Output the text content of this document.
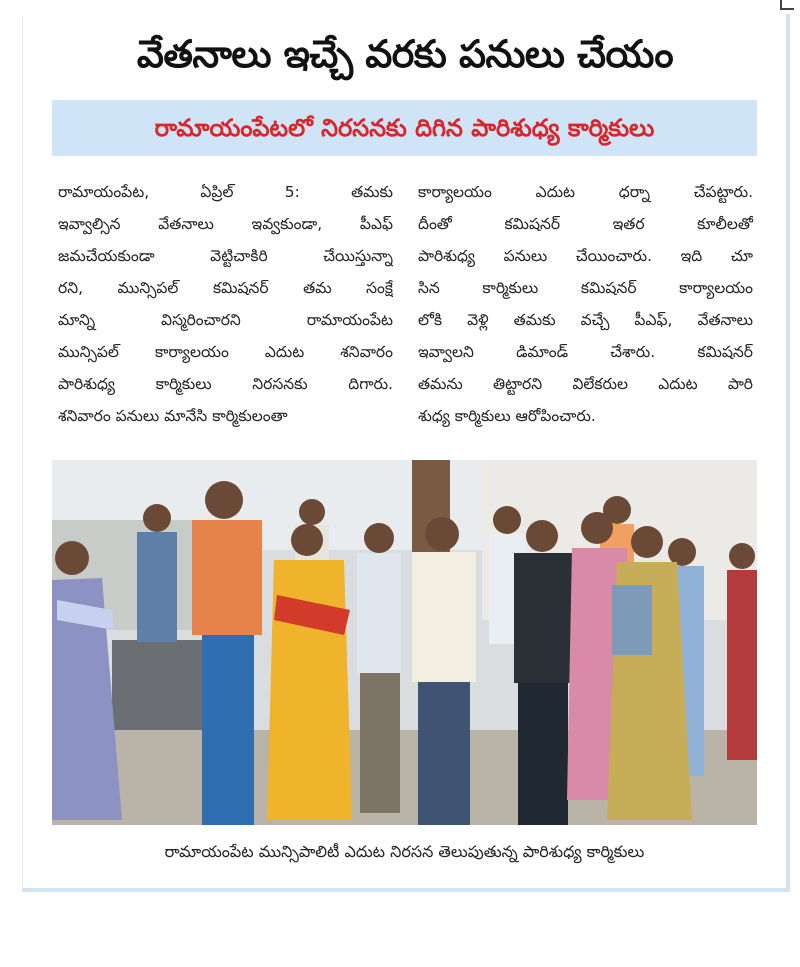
వేతనాలు ఇచ్చే వరకు పనులు చేయం
రామాయంపేటలో నిరసనకు దిగిన పారిశుధ్య కార్మికులు
రామాయంపేట, ఏప్రిల్ 5: తమకు
ఇవ్వాల్సిన వేతనాలు ఇవ్వకుండా, పీఎఫ్
జమచేయకుండా వెట్టిచాకిరి చేయిస్తున్నా
రని, మున్సిపల్ కమిషనర్ తమ సంక్షే
మాన్ని విస్మరించారని రామాయంపేట
మున్సిపల్ కార్యాలయం ఎదుట శనివారం
పారిశుధ్య కార్మికులు నిరసనకు దిగారు.
శనివారం పనులు మానేసి కార్మికులంతా
కార్యాలయం ఎదుట ధర్నా చేపట్టారు.
దీంతో కమిషనర్ ఇతర కూలీలతో
పారిశుధ్య పనులు చేయించారు. ఇది చూ
సిన కార్మికులు కమిషనర్ కార్యాలయం
లోకి వెళ్లి తమకు వచ్చే పీఎఫ్, వేతనాలు
ఇవ్వాలని డిమాండ్ చేశారు. కమిషనర్
తమను తిట్టారని విలేకరుల ఎదుట పారి
శుధ్య కార్మికులు ఆరోపించారు.

రామాయంపేట మున్సిపాలిటీ ఎదుట నిరసన తెలుపుతున్న పారిశుధ్య కార్మికులు
